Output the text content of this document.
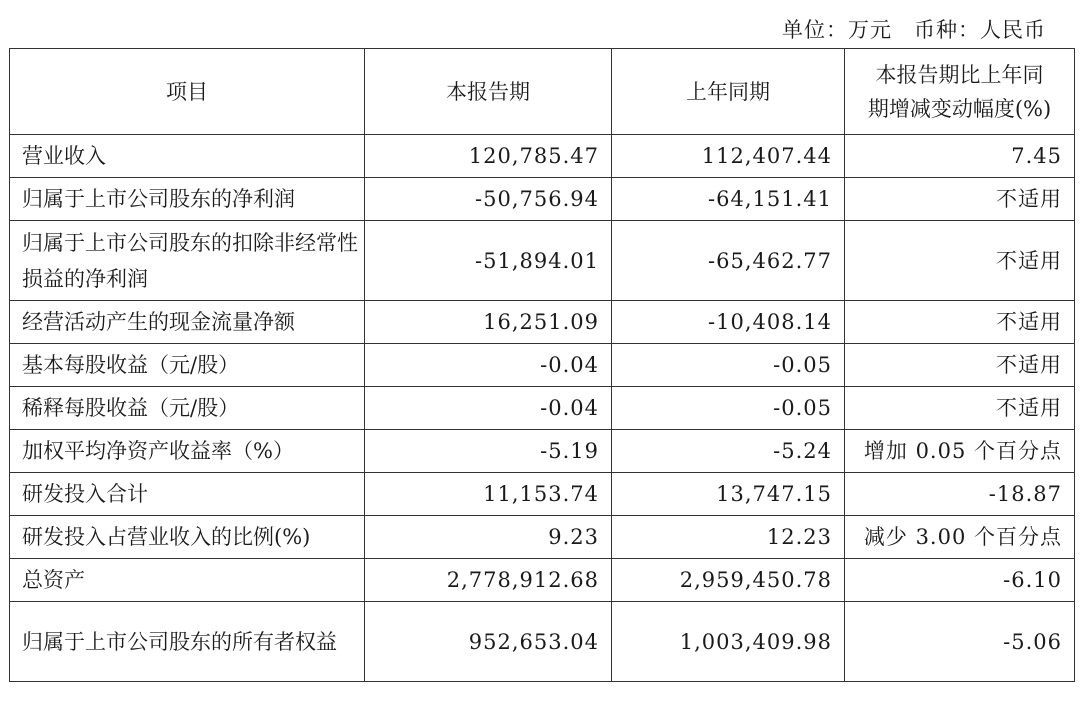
单位：万元 币种：人民币
项目	本报告期	上年同期	本报告期比上年同
期增减变动幅度(%)
营业收入	120,785.47	112,407.44	7.45
归属于上市公司股东的净利润	-50,756.94	-64,151.41	不适用
归属于上市公司股东的扣除非经常性损益的净利润	-51,894.01	-65,462.77	不适用
经营活动产生的现金流量净额	16,251.09	-10,408.14	不适用
基本每股收益（元/股）	-0.04	-0.05	不适用
稀释每股收益（元/股）	-0.04	-0.05	不适用
加权平均净资产收益率（%）	-5.19	-5.24	增加 0.05 个百分点
研发投入合计	11,153.74	13,747.15	-18.87
研发投入占营业收入的比例(%)	9.23	12.23	减少 3.00 个百分点
总资产	2,778,912.68	2,959,450.78	-6.10
归属于上市公司股东的所有者权益	952,653.04	1,003,409.98	-5.06
